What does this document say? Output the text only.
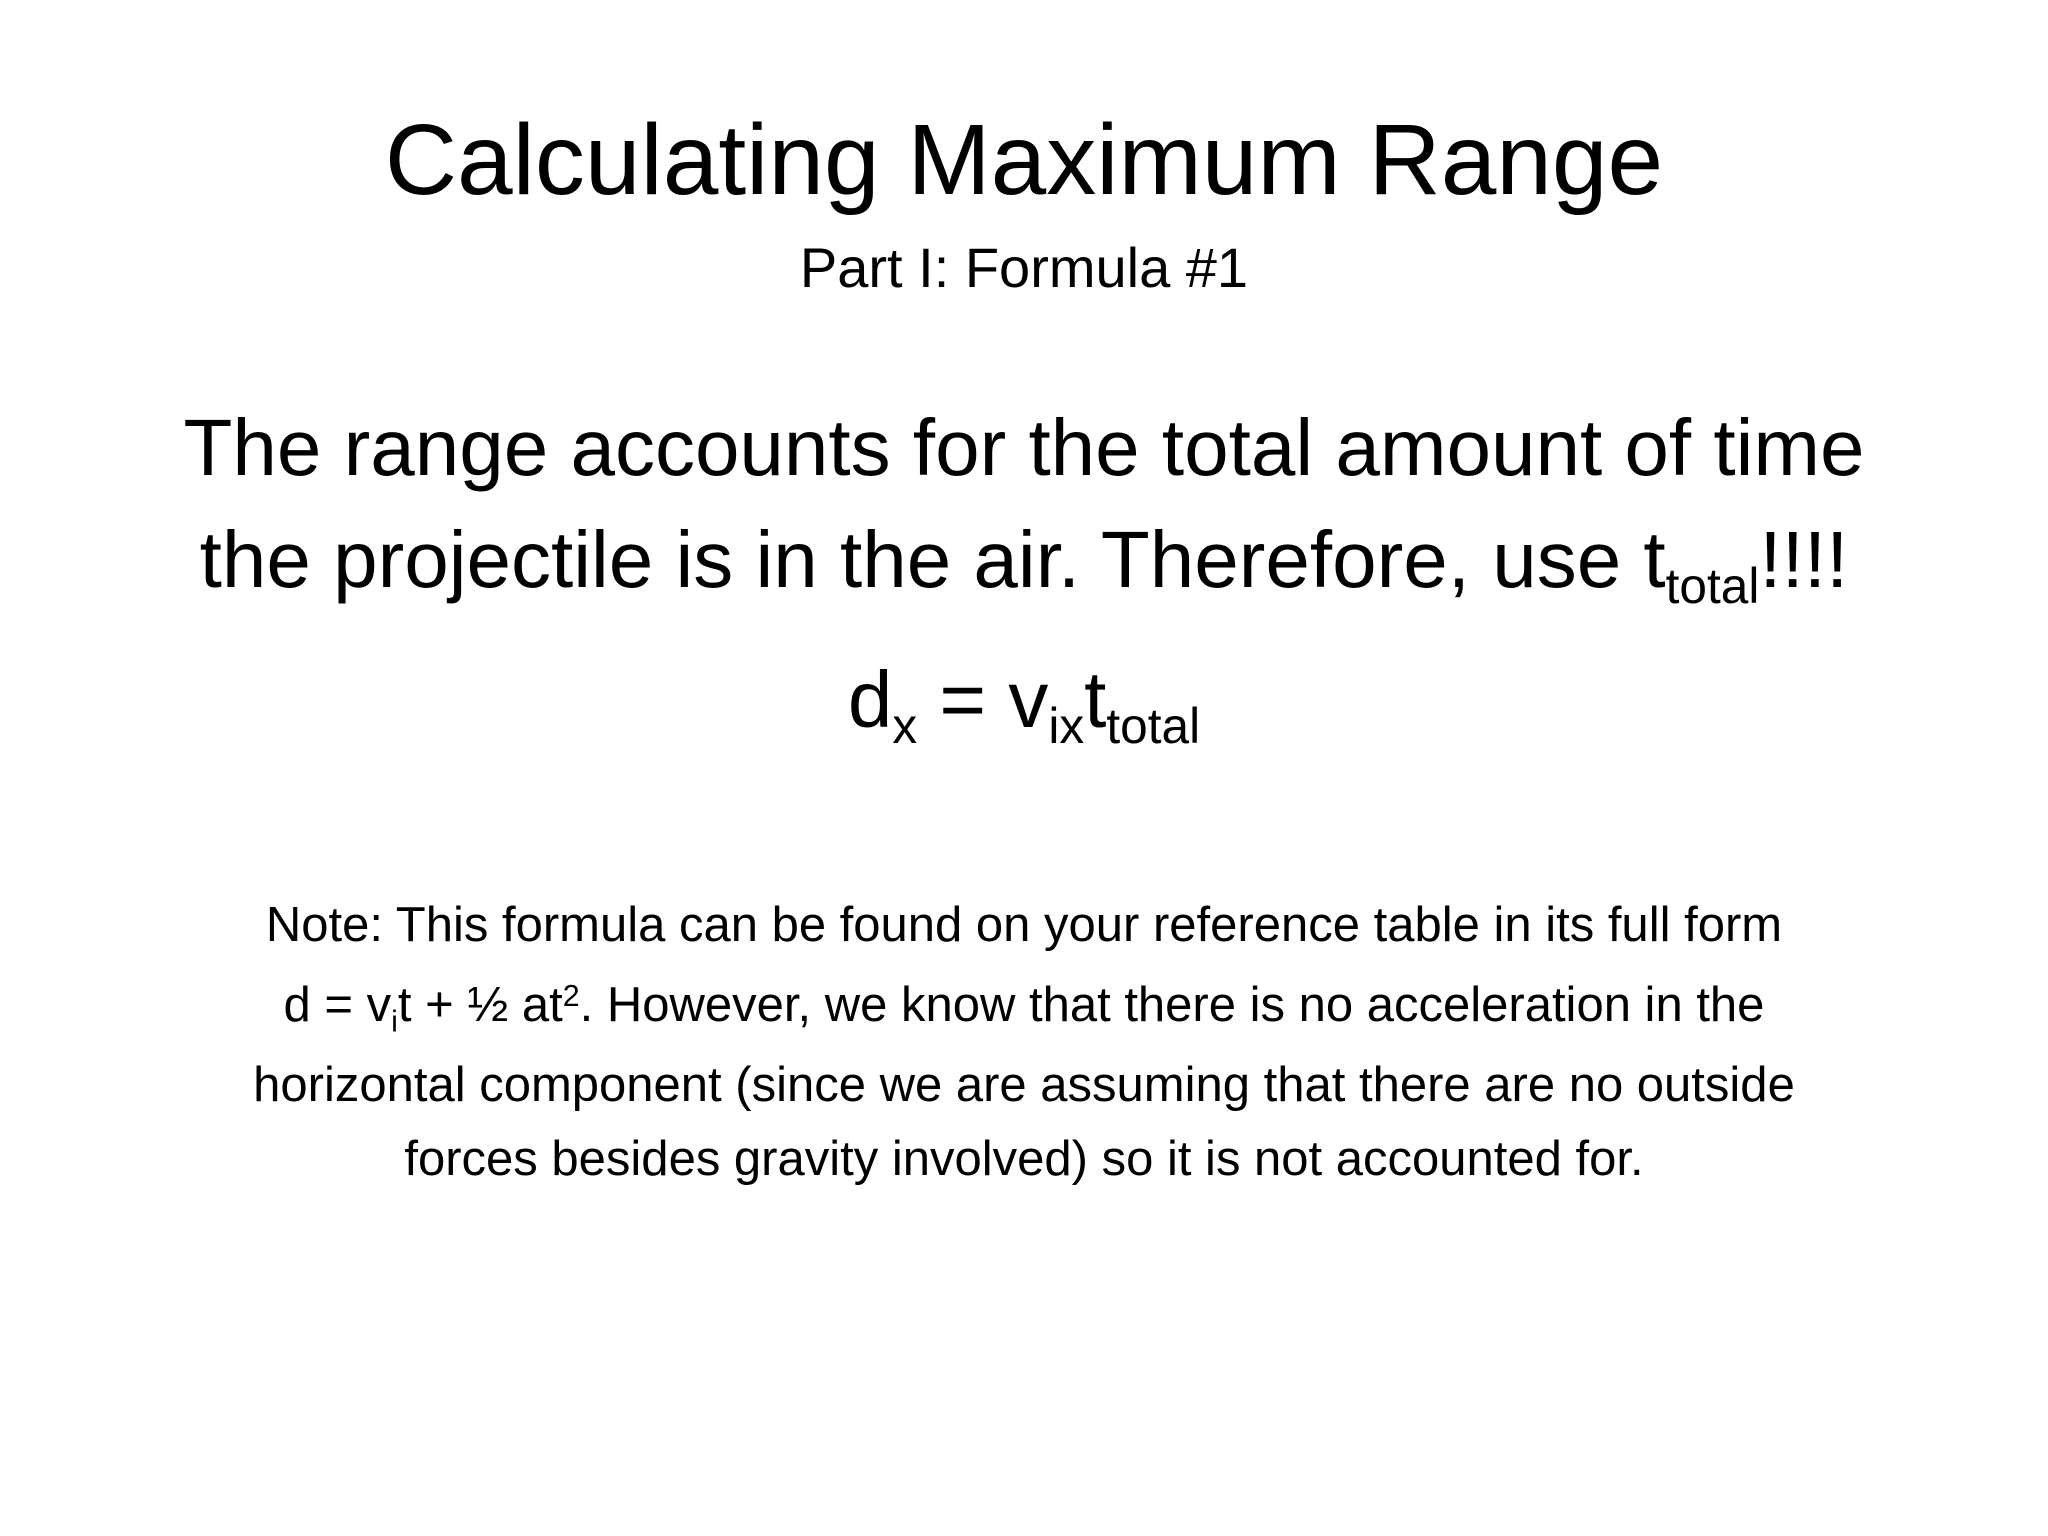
Calculating Maximum Range
Part I: Formula #1
The range accounts for the total amount of time
the projectile is in the air. Therefore, use ttotal!!!!
dx = vixttotal
Note: This formula can be found on your reference table in its full form
$d = v_it$ + ½ $at^2$. However, we know that there is no acceleration in the
horizontal component (since we are assuming that there are no outside
forces besides gravity involved) so it is not accounted for.
